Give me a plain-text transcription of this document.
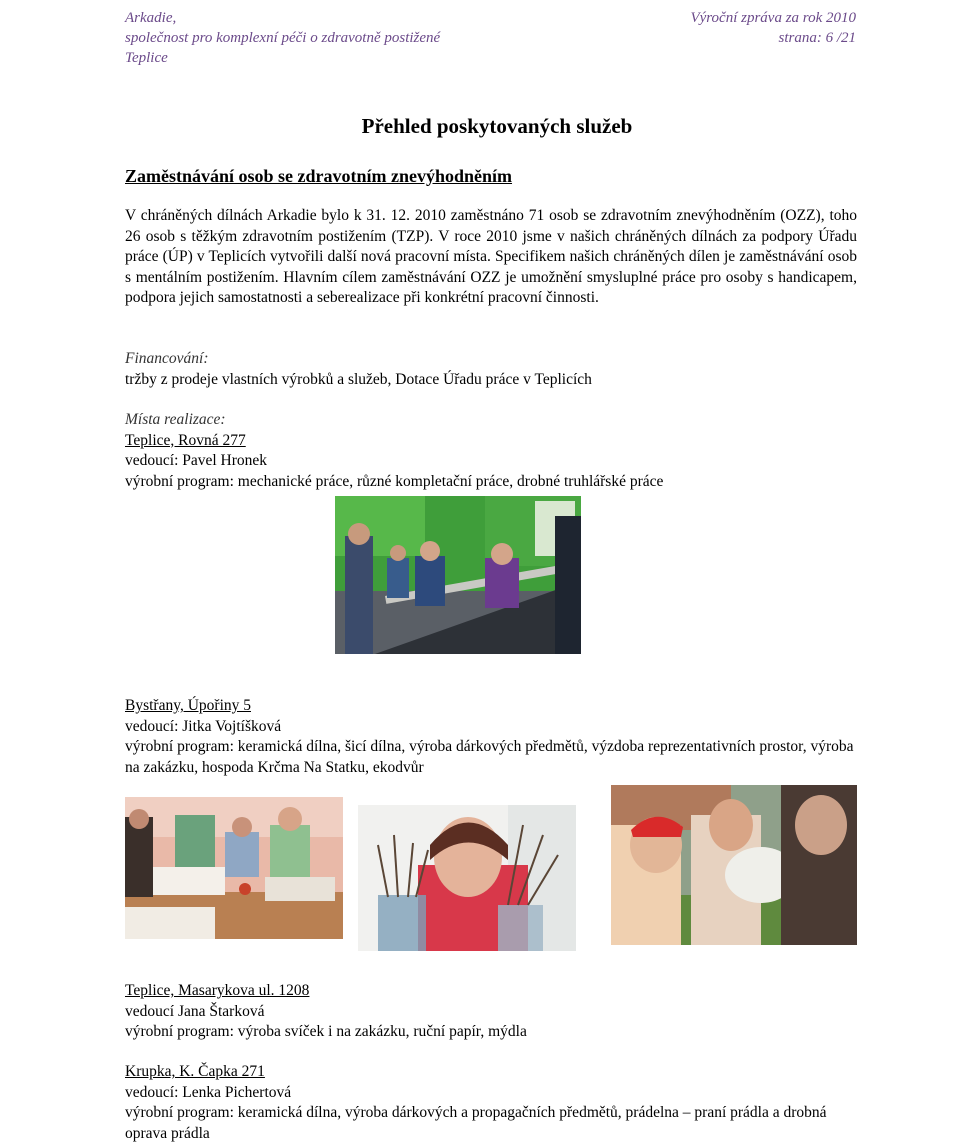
Arkadie,	Výroční zpráva za rok 2010
společnost pro komplexní péči o zdravotně postižené	strana: 6 /21
Teplice
Přehled poskytovaných služeb
Zaměstnávání osob se zdravotním znevýhodněním

V chráněných dílnách Arkadie bylo k 31. 12. 2010 zaměstnáno 71 osob se zdravotním znevýhodněním (OZZ), toho 26 osob s těžkým zdravotním postižením (TZP). V roce 2010 jsme v našich chráněných dílnách za podpory Úřadu práce (ÚP) v Teplicích vytvořili další nová pracovní místa. Specifikem našich chráněných dílen je zaměstnávání osob s mentálním postižením. Hlavním cílem zaměstnávání OZZ je umožnění smysluplné práce pro osoby s handicapem, podpora jejich samostatnosti a seberealizace při konkrétní pracovní činnosti.

Financování:
tržby z prodeje vlastních výrobků a služeb, Dotace Úřadu práce v Teplicích
Místa realizace:
Teplice, Rovná 277
vedoucí: Pavel Hronek
výrobní program: mechanické práce, různé kompletační práce, drobné truhlářské práce
Bystřany, Úpořiny 5
vedoucí: Jitka Vojtíšková
výrobní program: keramická dílna, šicí dílna, výroba dárkových předmětů, výzdoba reprezentativních prostor, výroba na zakázku, hospoda Krčma Na Statku, ekodvůr
Teplice, Masarykova ul. 1208
vedoucí Jana Štarková
výrobní program: výroba svíček i na zakázku, ruční papír, mýdla
Krupka, K. Čapka 271
vedoucí: Lenka Pichertová
výrobní program: keramická dílna, výroba dárkových a propagačních předmětů, prádelna – praní prádla a drobná oprava prádla
